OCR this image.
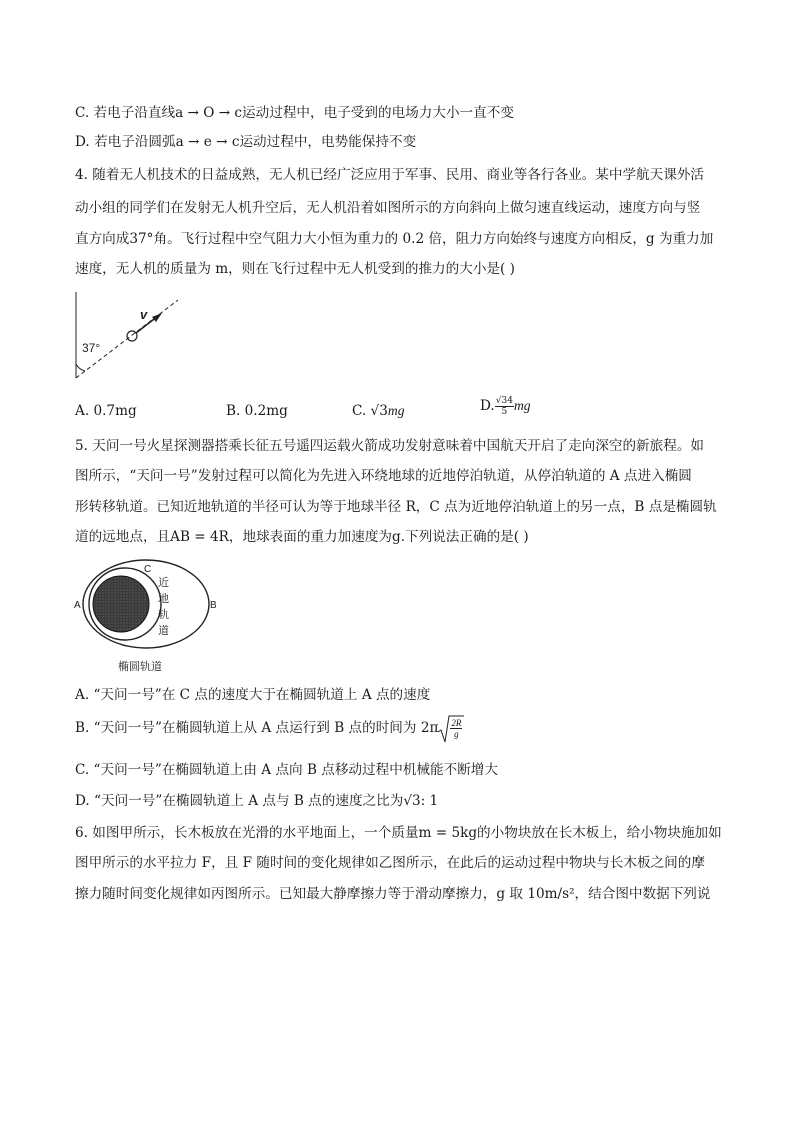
C. 若电子沿直线a → O → c运动过程中，电子受到的电场力大小一直不变
D. 若电子沿圆弧a → e → c运动过程中，电势能保持不变
4. 随着无人机技术的日益成熟，无人机已经广泛应用于军事、民用、商业等各行各业。某中学航天课外活
动小组的同学们在发射无人机升空后，无人机沿着如图所示的方向斜向上做匀速直线运动，速度方向与竖
直方向成37°角。飞行过程中空气阻力大小恒为重力的 0.2 倍，阻力方向始终与速度方向相反，g 为重力加
速度，无人机的质量为 m，则在飞行过程中无人机受到的推力的大小是( )
37°
v
A. 0.7mg	B. 0.2mg	C. √3mg	D. $\frac{√34}{5}$ mg
5. 天问一号火星探测器搭乘长征五号遥四运载火箭成功发射意味着中国航天开启了走向深空的新旅程。如
图所示，“天问一号”发射过程可以简化为先进入环绕地球的近地停泊轨道，从停泊轨道的 A 点进入椭圆
形转移轨道。已知近地轨道的半径可认为等于地球半径 R，C 点为近地停泊轨道上的另一点，B 点是椭圆轨
道的远地点，且AB = 4R，地球表面的重力加速度为g.下列说法正确的是( )
A	B
C
近
地
轨
道
椭圆轨道
A. “天问一号”在 C 点的速度大于在椭圆轨道上 A 点的速度
B. “天问一号”在椭圆轨道上从 A 点运行到 B 点的时间为 $2\pi \frac{2R}{g}$
C. “天问一号”在椭圆轨道上由 A 点向 B 点移动过程中机械能不断增大
D. “天问一号”在椭圆轨道上 A 点与 B 点的速度之比为√3: 1
6. 如图甲所示，长木板放在光滑的水平地面上，一个质量m = 5kg的小物块放在长木板上，给小物块施加如
图甲所示的水平拉力 F，且 F 随时间的变化规律如乙图所示，在此后的运动过程中物块与长木板之间的摩
擦力随时间变化规律如丙图所示。已知最大静摩擦力等于滑动摩擦力，g 取 10m/s²，结合图中数据下列说
